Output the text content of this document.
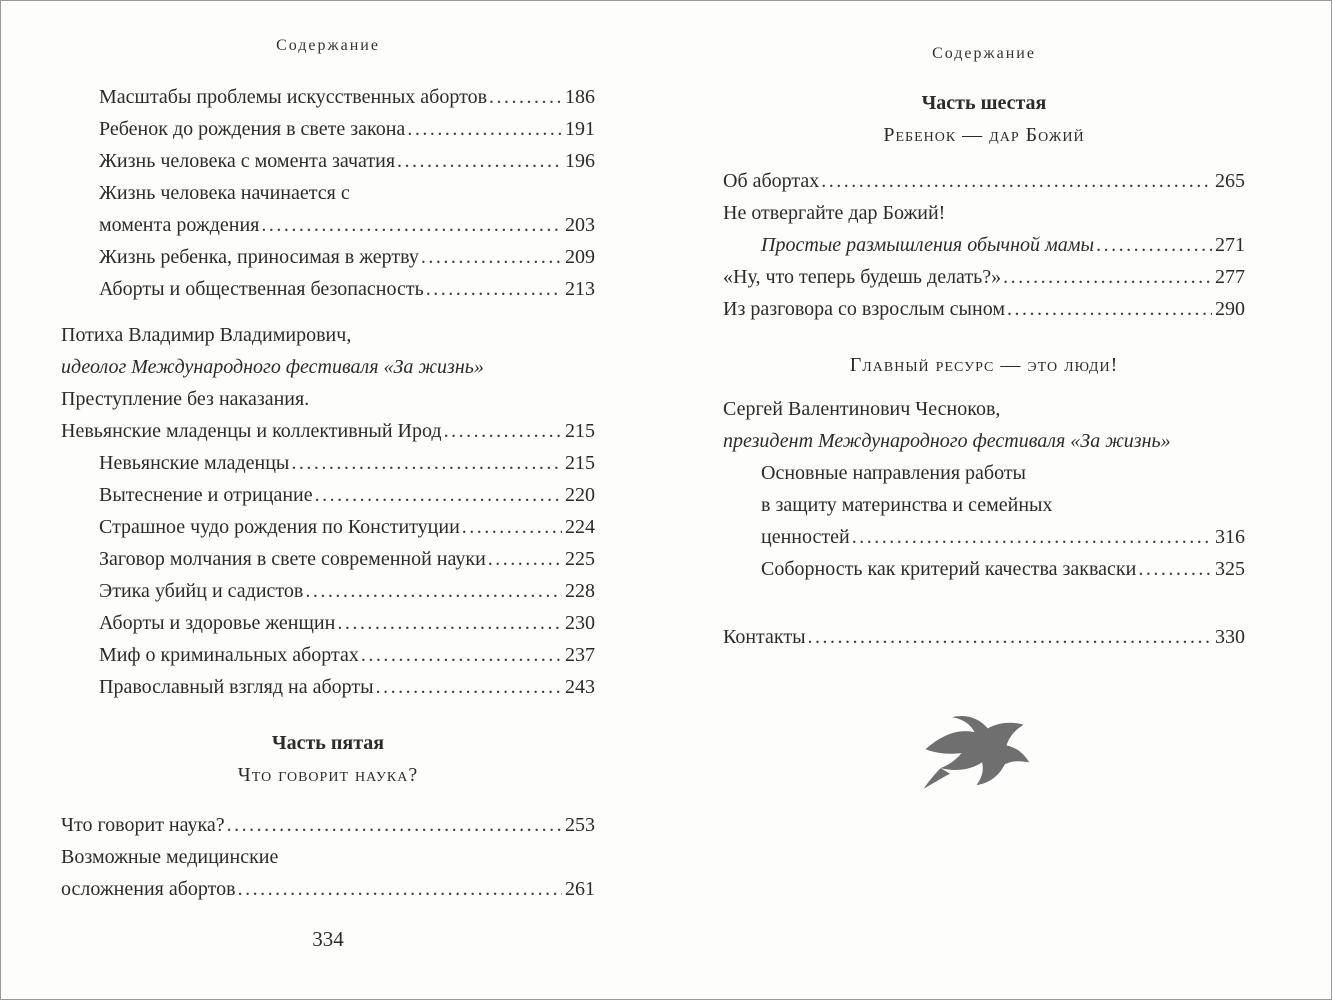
Содержание
Масштабы проблемы искусственных абортов .....	186
Ребенок до рождения в свете закона .....	191
Жизнь человека с момента зачатия .....	196
Жизнь человека начинается с
момента рождения .....	203
Жизнь ребенка, приносимая в жертву .....	209
Аборты и общественная безопасность .....	213
Потиха Владимир Владимирович,
идеолог Международного фестиваля «За жизнь»
Преступление без наказания.
Невьянские младенцы и коллективный Ирод .....	215
Невьянские младенцы .....	215
Вытеснение и отрицание .....	220
Страшное чудо рождения по Конституции .....	224
Заговор молчания в свете современной науки .....	225
Этика убийц и садистов .....	228
Аборты и здоровье женщин .....	230
Миф о криминальных абортах .....	237
Православный взгляд на аборты .....	243
Часть пятая
Что говорит наука?
Что говорит наука? .....	253
Возможные медицинские
осложнения абортов .....	261
334
Содержание
Часть шестая
Ребенок — дар Божий
Об абортах .....	265
Не отвергайте дар Божий!
Простые размышления обычной мамы .....	271
«Ну, что теперь будешь делать?» .....	277
Из разговора со взрослым сыном .....	290
Главный ресурс — это люди!
Сергей Валентинович Чесноков,
президент Международного фестиваля «За жизнь»
Основные направления работы
в защиту материнства и семейных
ценностей .....	316
Соборность как критерий качества закваски .....	325
Контакты .....	330
